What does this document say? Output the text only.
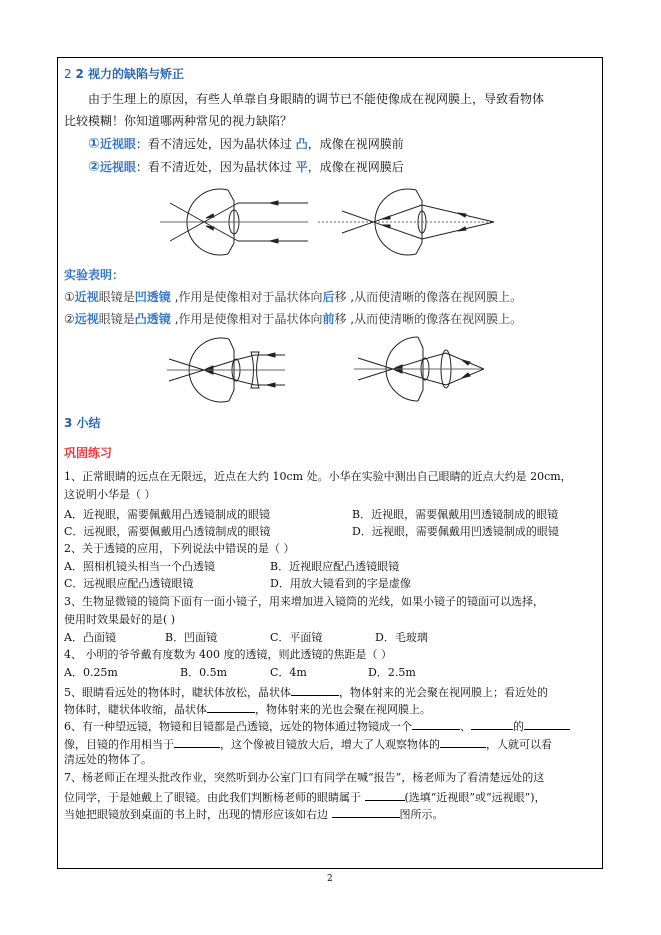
2 2 视力的缺陷与矫正
由于生理上的原因，有些人单靠自身眼睛的调节已不能使像成在视网膜上，导致看物体
比较模糊！你知道哪两种常见的视力缺陷？
①近视眼：看不清远处，因为晶状体过 凸，成像在视网膜前
②远视眼：看不清近处，因为晶状体过 平，成像在视网膜后
实验表明：
①近视眼镜是凹透镜 ,作用是使像相对于晶状体向后移 ,从而使清晰的像落在视网膜上。
②远视眼镜是凸透镜 ,作用是使像相对于晶状体向前移 ,从而使清晰的像落在视网膜上。
3 小结
巩固练习
1、正常眼睛的远点在无限远，近点在大约 10cm 处。小华在实验中测出自己眼睛的近点大约是 20cm，
这说明小华是（ ）
A．近视眼，需要佩戴用凸透镜制成的眼镜	B．近视眼，需要佩戴用凹透镜制成的眼镜
C．远视眼，需要佩戴用凸透镜制成的眼镜	D．远视眼，需要佩戴用凹透镜制成的眼镜
2、关于透镜的应用，下列说法中错误的是（ ）
A．照相机镜头相当一个凸透镜	B．近视眼应配凸透镜眼镜
C．远视眼应配凸透镜眼镜	D．用放大镜看到的字是虚像
3、生物显微镜的镜筒下面有一面小镜子，用来增加进入镜筒的光线，如果小镜子的镜面可以选择，
使用时效果最好的是( )
A．凸面镜	B．凹面镜	C．平面镜	D．毛玻璃
4、 小明的爷爷戴有度数为 400 度的透镜，则此透镜的焦距是（ ）
A．0.25m	B．0.5m	C．4m	D．2.5m
5、眼睛看远处的物体时，睫状体放松，晶状体	，物体射来的光会聚在视网膜上；看近处的
物体时，睫状体收缩，晶状体	，物体射来的光也会聚在视网膜上。
6、有一种望远镜，物镜和目镜都是凸透镜，远处的物体通过物镜成一个	、	的
像，目镜的作用相当于	，这个像被目镜放大后，增大了人观察物体的	，人就可以看
清远处的物体了。
7、杨老师正在埋头批改作业，突然听到办公室门口有同学在喊“报告”，杨老师为了看清楚远处的这
位同学，于是她戴上了眼镜。由此我们判断杨老师的眼睛属于	(选填“近视眼”或“远视眼”)，
当她把眼镜放到桌面的书上时，出现的情形应该如右边	图所示。
2
